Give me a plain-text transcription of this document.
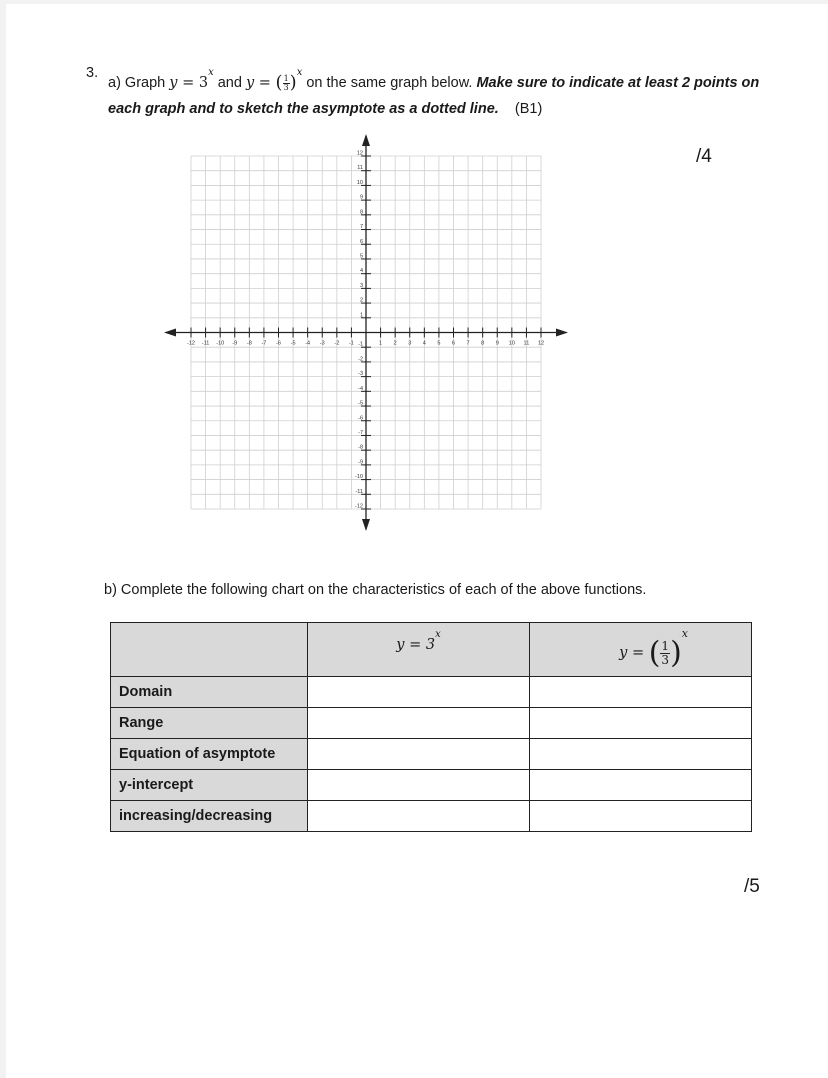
3.
a) Graph $y = 3^x$ and y = ( $\frac{1}{3} )^x$ on the same graph below. Make sure to indicate at least 2 points on each graph and to sketch the asymptote as a dotted line. (B1)
/4
-12 -11 -10 -9 -8 -7 -6 -5 -4 -3 -2 -1	1 2 3 4 5 6 7 8 9 10 11 12
12
11
10
9
8
7
6
5
4
3
2
1
-1
-2
-3
-4
-5
-6
-7
-8
-9
-10
-11
-12
b) Complete the following chart on the characteristics of each of the above functions.

	$y = 3^x$	y = ( $\frac{1}{3} )^x$

Domain		
Range		
Equation of asymptote		
y-intercept		
increasing/decreasing		
/5
